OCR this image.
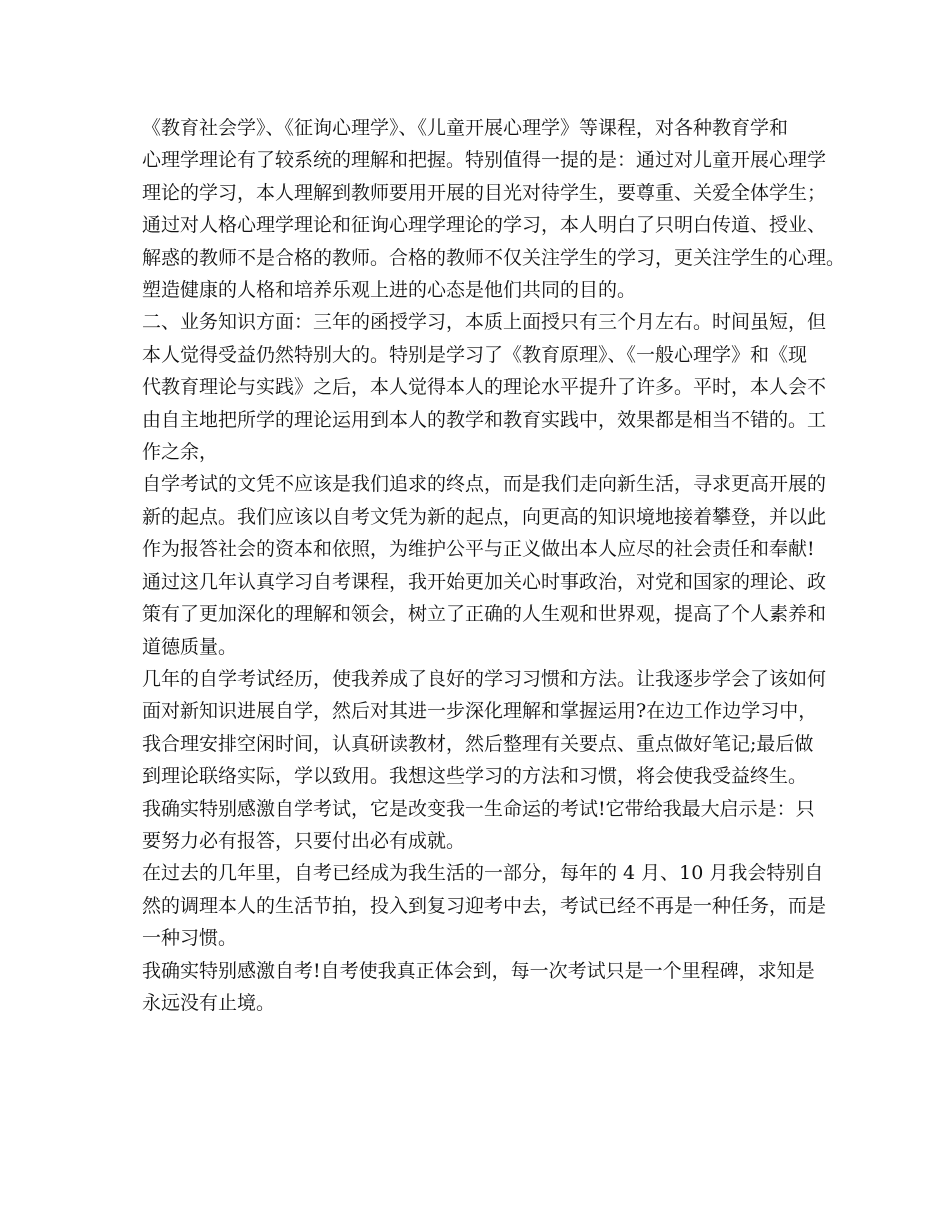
《教育社会学》、《征询心理学》、《儿童开展心理学》等课程，对各种教育学和
心理学理论有了较系统的理解和把握。特别值得一提的是：通过对儿童开展心理学
理论的学习，本人理解到教师要用开展的目光对待学生，要尊重、关爱全体学生；
通过对人格心理学理论和征询心理学理论的学习，本人明白了只明白传道、授业、
解惑的教师不是合格的教师。合格的教师不仅关注学生的学习，更关注学生的心理。
塑造健康的人格和培养乐观上进的心态是他们共同的目的。
二、业务知识方面：三年的函授学习，本质上面授只有三个月左右。时间虽短，但
本人觉得受益仍然特别大的。特别是学习了《教育原理》、《一般心理学》和《现
代教育理论与实践》之后，本人觉得本人的理论水平提升了许多。平时，本人会不
由自主地把所学的理论运用到本人的教学和教育实践中，效果都是相当不错的。工
作之余，
自学考试的文凭不应该是我们追求的终点，而是我们走向新生活，寻求更高开展的
新的起点。我们应该以自考文凭为新的起点，向更高的知识境地接着攀登，并以此
作为报答社会的资本和依照，为维护公平与正义做出本人应尽的社会责任和奉献!
通过这几年认真学习自考课程，我开始更加关心时事政治，对党和国家的理论、政
策有了更加深化的理解和领会，树立了正确的人生观和世界观，提高了个人素养和
道德质量。
几年的自学考试经历，使我养成了良好的学习习惯和方法。让我逐步学会了该如何
面对新知识进展自学，然后对其进一步深化理解和掌握运用?在边工作边学习中，
我合理安排空闲时间，认真研读教材，然后整理有关要点、重点做好笔记;最后做
到理论联络实际，学以致用。我想这些学习的方法和习惯，将会使我受益终生。
我确实特别感激自学考试，它是改变我一生命运的考试!它带给我最大启示是：只
要努力必有报答，只要付出必有成就。
在过去的几年里，自考已经成为我生活的一部分，每年的 4 月、10 月我会特别自
然的调理本人的生活节拍，投入到复习迎考中去，考试已经不再是一种任务，而是
一种习惯。
我确实特别感激自考!自考使我真正体会到，每一次考试只是一个里程碑，求知是
永远没有止境。
